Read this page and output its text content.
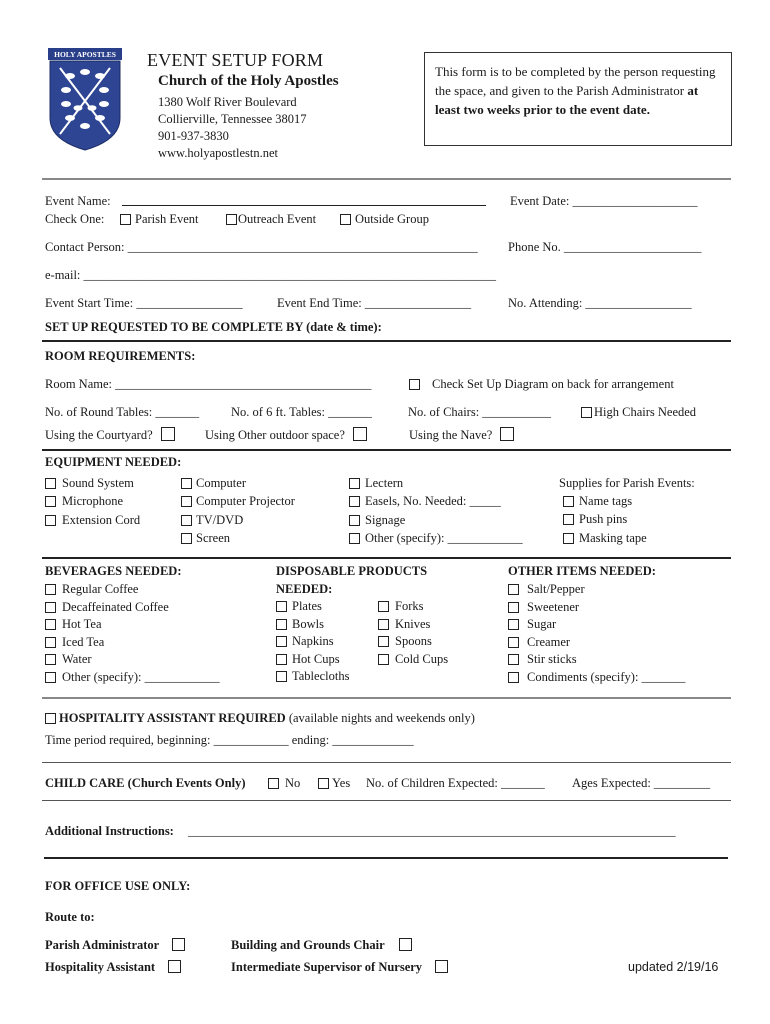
HOLY APOSTLES EVENT SETUP FORM
Church of the Holy Apostles
1380 Wolf River Boulevard
Collierville, Tennessee 38017
901-937-3830
www.holyapostlestn.net
This form is to be completed by the person requesting the space, and given to the Parish Administrator at least two weeks prior to the event date.
Event Name:	Event Date: ____________________
Check One:	Parish Event	Outreach Event	Outside Group
Contact Person: ________________________________________________________ Phone No. ______________________
e-mail: __________________________________________________________________
Event Start Time: _________________	Event End Time: _________________	No. Attending: _________________
SET UP REQUESTED TO BE COMPLETE BY (date & time):
ROOM REQUIREMENTS:
Room Name: _________________________________________	Check Set Up Diagram on back for arrangement
No. of Round Tables: _______	No. of 6 ft. Tables: _______	No. of Chairs: ___________	High Chairs Needed
Using the Courtyard?	Using Other outdoor space?	Using the Nave?
EQUIPMENT NEEDED:
Sound System
Microphone
Extension Cord
Computer
Computer Projector
TV/DVD
Screen
Lectern
Easels, No. Needed: _____
Signage
Other (specify): ____________
Supplies for Parish Events:
Name tags
Push pins
Masking tape
BEVERAGES NEEDED:
Regular Coffee
Decaffeinated Coffee
Hot Tea
Iced Tea
Water
Other (specify): ____________
DISPOSABLE PRODUCTS
NEEDED:
Plates
Bowls
Napkins
Hot Cups
Tablecloths
Forks
Knives
Spoons
Cold Cups
OTHER ITEMS NEEDED:
Salt/Pepper
Sweetener
Sugar
Creamer
Stir sticks
Condiments (specify): _______
HOSPITALITY ASSISTANT REQUIRED (available nights and weekends only)
Time period required, beginning: ____________ ending: _____________
CHILD CARE (Church Events Only)	No	Yes No. of Children Expected: _______ Ages Expected: _________
Additional Instructions: ______________________________________________________________________________
FOR OFFICE USE ONLY:
Route to:
Parish Administrator	Building and Grounds Chair
Hospitality Assistant	Intermediate Supervisor of Nursery	updated 2/19/16
